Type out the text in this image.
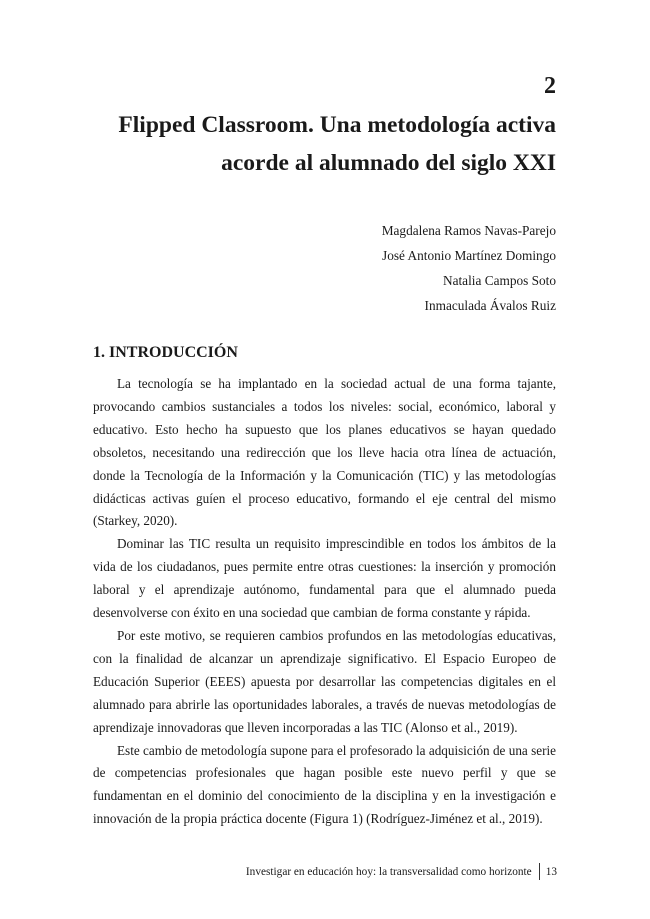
2
Flipped Classroom. Una metodología activa
acorde al alumnado del siglo XXI
Magdalena Ramos Navas-Parejo
José Antonio Martínez Domingo
Natalia Campos Soto
Inmaculada Ávalos Ruiz
1. INTRODUCCIÓN

La tecnología se ha implantado en la sociedad actual de una forma tajante, provocando cambios sustanciales a todos los niveles: social, económico, laboral y educativo. Esto hecho ha supuesto que los planes educativos se hayan quedado obsoletos, necesitando una redirección que los lleve hacia otra línea de actuación, donde la Tecnología de la Información y la Comunicación (TIC) y las metodologías didácticas activas guíen el proceso educativo, formando el eje central del mismo (Starkey, 2020).

Dominar las TIC resulta un requisito imprescindible en todos los ámbitos de la vida de los ciudadanos, pues permite entre otras cuestiones: la inserción y promoción laboral y el aprendizaje autónomo, fundamental para que el alumnado pueda desenvolverse con éxito en una sociedad que cambian de forma constante y rápida.

Por este motivo, se requieren cambios profundos en las metodologías educativas, con la finalidad de alcanzar un aprendizaje significativo. El Espacio Europeo de Educación Superior (EEES) apuesta por desarrollar las competencias digitales en el alumnado para abrirle las oportunidades laborales, a través de nuevas metodologías de aprendizaje innovadoras que lleven incorporadas a las TIC (Alonso et al., 2019).

Este cambio de metodología supone para el profesorado la adquisición de una serie de competencias profesionales que hagan posible este nuevo perfil y que se fundamentan en el dominio del conocimiento de la disciplina y en la investigación e innovación de la propia práctica docente (Figura 1) (Rodríguez-Jiménez et al., 2019).

Investigar en educación hoy: la transversalidad como horizonte 13
